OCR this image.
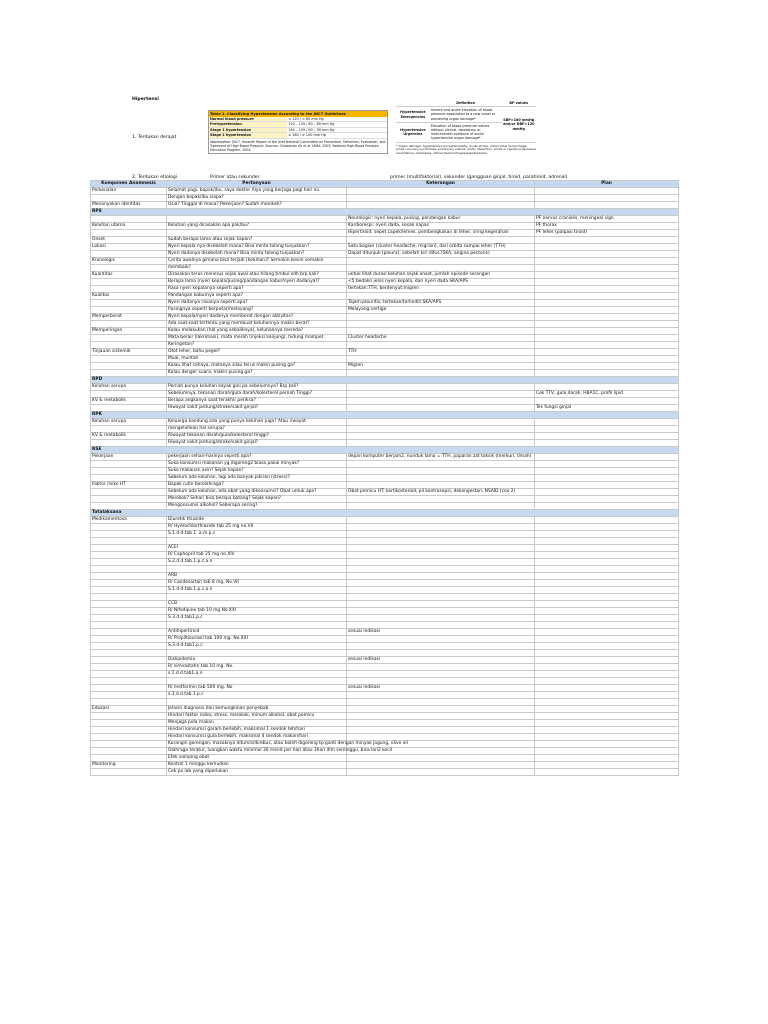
Hipertensi
1. Tentukan derajat
Table 1. Classifying Hypertension According to the JNC7 Guidelines
Normal blood pressure	< 120 / < 80 mm Hg
Prehypertension	120 – 139 / 80 – 89 mm Hg
Stage 1 hypertension	140 – 159 / 90 – 99 mm Hg
Stage 2 hypertension	≥ 160 / ≥ 100 mm Hg
Abbreviation: JNC7, Seventh Report of the Joint National Committee on Prevention, Detection, Evaluation, and Treatment of High Blood Pressure. Sources: Chobanian AV et al. JAMA. 2003; National High Blood Pressure Education Program. 2004.
	Definition	BP values
Hypertensive Emergencies	Severe and acute elevation of blood pressure associated to a new onset or worsening organ damage*	SBP>180 mmHg and/or DBP>120 mmHg
Hypertensive Urgencies	Elevation of blood pressure values without clinical, laboratory or instrumental evidence of acute hypertensive organ damage*	
* Organ damage: hypertensive encephalopathy, acute stroke, intracranial hemorrhage, acute coronary syndromes, pulmonary edema, aortic dissection, acute or rapidly progressive renal failure, eclampsia, retinal haemorrhages/papilloedema.
2. Tentukan etiologi	Primer atau sekunder	primer (multifaktorial), sekunder (gangguan ginjal, tiroid, paratiroid, adrenal)
Komponen Anamnesis	Pertanyaan	Keterangan	Plan
Perkenalan	Selamat pagi, bapak/ibu, saya dokter Alya yang berjaga pagi hari ini.		
	Dengan bapak/ibu siapa?		
Menanyakan identitas	Usia? Tinggal di mana? Pekerjaan? Sudah menikah?		
RPS			
		Neurologic: nyeri kepala, pusing, pandangan kabur	PF nervus cranialis, meningeal sign
Keluhan utama	Keluhan yang dirasakan apa pak/bu?	Kardiorespi: nyeri dada, sesak napas	PF thorax
		Hipertiroid: sepet capek/lemes, pembengkakan di leher, sring kegerahan	PF leher (palpasi tiroid)
Onset	Sudah berapa lama atau sejak kapan?		
Lokasi	Nyeri kepala nya disebelah mana? Bisa minta tolong tunjukkan?	Satu bagian (cluster headache, migrain), dari orbita sampai leher (TTH)	
	Nyeri dadanya disebelah mana? Bisa minta tolong tunjukkan?	Dapat ditunjuk (pleura), sebelah kiri difus (SKA, angina pectoris)	
Kronologis	Cerita awalnya gimana bisa terjadi (keluhan)? Semakin kesini semakin		
	membaik?		
Kuantitas	Dirasakan terus menerus sejak awal atau hilang timbul sdh brp kali?	untuk lihat durasi keluhan sejak onset, jumlah episode serangan	
	Berapa lama (nyeri kepala/pusing/pandangan kabur/nyeri dadanya)?	<5 bedakn jenis nyeri kepala, dan nyeri dada SKA/APS	
	Rasa nyeri kepalanya seperti apa?	tertekan:TTH, berdenyut:migren	
Kualitas	Pandangan kaburnya seperti apa?		
	Nyeri dadanya rasanya seperti apa?	Tajam:pleuritis, tertekan/terlindih:SKA/APS	
	Pusingnya seperti berputar/melayang?	Melayang:vertigo	
Memperberat	Nyeri kepala/nyeri dadanya memberat dengan aktivitas?		
	Ada saat-saat tertentu yang membuat keluhannya makin berat?		
Memperingan	Kalau melakukan (hal yang sebaliknya), keluhannya mereda?		
	Mata berair (lakrimasi), mata merah (injeksi konjung), hidung mampet	Cluster headache	
	Keringetan?		
Tinjauan sistemik	Otot leher, bahu pegel?	TTH	
	Mual, muntah		
	Kalau lihat cahaya, matanya silau terus makin pusing ga?	Migren	
	Kalau denger suara, makin pusing ga?		
RPD			
Keluhan serupa	Pernah punya keluhan kayak gini pa sebelumnya? Brp kali?		
	Sebelumnya, tekanan darah/gula darah/kolesterol pernah Tinggi?		Cek TTV, gula darah, HBA1C, profil lipid
KV & metabolik	Berapa angkanya saat terakhir periksa?		
	Riwayat sakit jantung/stroke/sakit ginjal?		Tes fungsi ginjal
RPK			
Keluhan serupa	Keluarga kandung ada yang punya keluhan juga? Atau riwayat		
	mengeluhkan hal serupa?		
KV & metabolik	Riwayat tekanan darah/gula/kolesterol tinggi?		
	Riwayat sakit jantung/stroke/sakit ginjal?		
RSE			
Pekerjaan	pekerjaan sehari-harinya seperti apa?	depan komputer berjam2, nunduk lama = TTH, paparan zat toksik (merkuri, timah)	
	Suka konsumsi makanan yg digoreng2 biasa pakai minyak?		
	Suka makanan asin? Sejak kapan?		
	Sebelum ada keluhan, lagi ada banyak pikiran (stress)?		
Faktor risiko HT	Bapak rutin berolahraga?		
	Sebelum ada keluhan, ada obat yang dikonsumsi? Obat untuk apa?	Obat pemicu HT: kortikosteroid, pil kontrasepsi, dekongestan, NSAID (cox-2)	
	Merokok? Sehari bisa berapa batang? Sejak kapan?		
	Mengonsumsi alkohol? Seberapa sering?		
Tatalaksana			
Medikamentosa	Diuretik thiazide		
	R/ Hydrochlorthiazide tab 25 mg no.VII		
	S.1.d.d.tab.1 .a.m.p.c		

	ACEI		
	R/ Caphopril tab 25 mg no.XIV		
	S.2.d.d.tab.1.p.c.a.n		

	ARB		
	R/ Candesartan tab 8 mg. No.VII		
	S.1.d.d.tab.1.p.c.a.n		

	CCB		
	R/ Nifedipine tab 10 mg No.XXI		
	S.3.d.d.tab1.p.c		

	Antihipertiroid	sesuai indikasi	
	R/ Propiltiourasil tab 100 mg. No.XXI		
	S.3.d.d.tab1.p.c		

	Dislipidemia	sesuai indikasi	
	R/ simvastatin tab 10 mg. No.		
	s.1.d.d.tab1.a.n		

	R/ metformin tab 500 mg. No	sesuai indikasi	
	s.3.d.d.tab.1.p.c		

Edukasi	Jelasin diagnosis dan kemungkinan penyebab		
	Hindari faktor risiko; stress, merokok, minum alkohol, obat pemicu		
	Menjaga pola makan		
	Hindari konsumsi garam berlebih, maksimal 1 sendok teh/hari		
	Hindari konsumsi gula berlebih, maksimal 4 sendok makan/hari		
	Kurangin gorengan, masaknya ditumis/direbus, atau boleh digoreng tp ganti dengan minyak jagung, olive oil		
	Olahraga teratur, luangkan waktu minimal 30 menit per hari atau 3hari dlm seminggu, bisa lari2 kecil		
	Efek samping obat		
Monitoring	Kontrol 1 minggu kemudian		
	Cek px lab yang diperlukan		
